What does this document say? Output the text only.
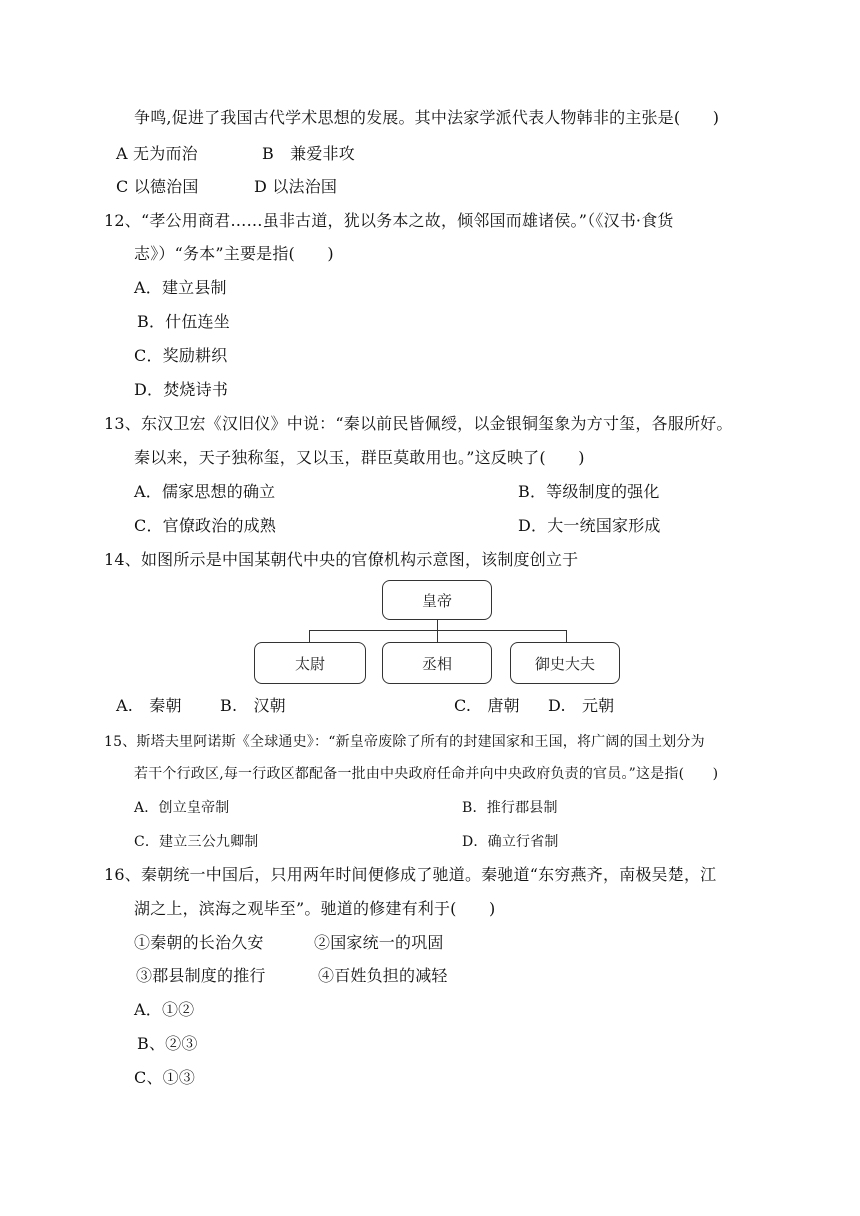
争鸣,促进了我国古代学术思想的发展。其中法家学派代表人物韩非的主张是(　　)
A 无为而治	B　兼爱非攻
C 以德治国	D 以法治国
12、“孝公用商君……虽非古道，犹以务本之故，倾邻国而雄诸侯。”（《汉书·食货
志》）“务本”主要是指(　　)
A．建立县制
B．什伍连坐
C．奖励耕织
D．焚烧诗书
13、东汉卫宏《汉旧仪》中说：“秦以前民皆佩绶，以金银铜玺象为方寸玺，各服所好。
秦以来，天子独称玺，又以玉，群臣莫敢用也。”这反映了(　　)
A．儒家思想的确立	B．等级制度的强化
C．官僚政治的成熟	D．大一统国家形成
14、如图所示是中国某朝代中央的官僚机构示意图，该制度创立于
皇帝
太尉	丞相	御史大夫
A.　秦朝 B.　汉朝	C.　唐朝 D.　元朝
15、斯塔夫里阿诺斯《全球通史》：“新皇帝废除了所有的封建国家和王国，将广阔的国土划分为
若干个行政区,每一行政区都配备一批由中央政府任命并向中央政府负责的官员。”这是指(　　)
A．创立皇帝制	B．推行郡县制
C．建立三公九卿制	D．确立行省制
16、秦朝统一中国后，只用两年时间便修成了驰道。秦驰道“东穷燕齐，南极吴楚，江
湖之上，滨海之观毕至”。驰道的修建有利于(　　)
①秦朝的长治久安	②国家统一的巩固
③郡县制度的推行	④百姓负担的减轻
A．①②
B、②③
C、①③
